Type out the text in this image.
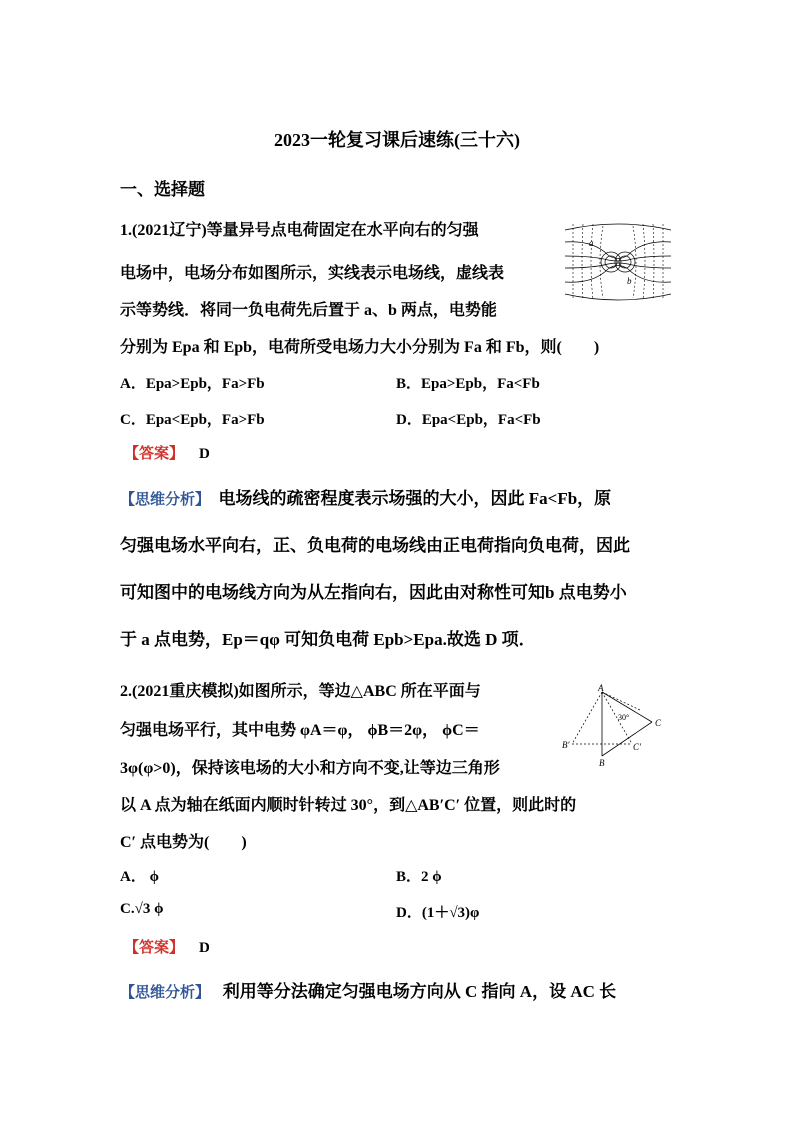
2023一轮复习课后速练(三十六)
一、选择题
1.(2021辽宁)等量异号点电荷固定在水平向右的匀强
电场中，电场分布如图所示，实线表示电场线，虚线表
示等势线．将同一负电荷先后置于 a、b 两点，电势能
分别为 Epa 和 Epb，电荷所受电场力大小分别为 Fa 和 Fb，则(　　)
a
b
A．Epa>Epb，Fa>Fb	B．Epa>Epb，Fa<Fb
C．Epa<Epb，Fa>Fb	D．Epa<Epb，Fa<Fb
【答案】 D
【思维分析】 电场线的疏密程度表示场强的大小，因此 Fa<Fb，原
匀强电场水平向右，正、负电荷的电场线由正电荷指向负电荷，因此
可知图中的电场线方向为从左指向右，因此由对称性可知b 点电势小
于 a 点电势，Ep＝qφ 可知负电荷 Epb>Epa.故选 D 项．
2.(2021重庆模拟)如图所示，等边△ABC 所在平面与
匀强电场平行，其中电势 φA＝φ， ϕB＝2φ， ϕC＝
3φ(φ>0)，保持该电场的大小和方向不变,让等边三角形
以 A 点为轴在纸面内顺时针转过 30°，到△AB′C′ 位置，则此时的
C′ 点电势为(　　)
A
C
B
B′	C′
30°
A． ϕ	B．2 ϕ
C.√3 ϕ	D．(1＋√3)φ
【答案】 D
【思维分析】 利用等分法确定匀强电场方向从 C 指向 A，设 AC 长
